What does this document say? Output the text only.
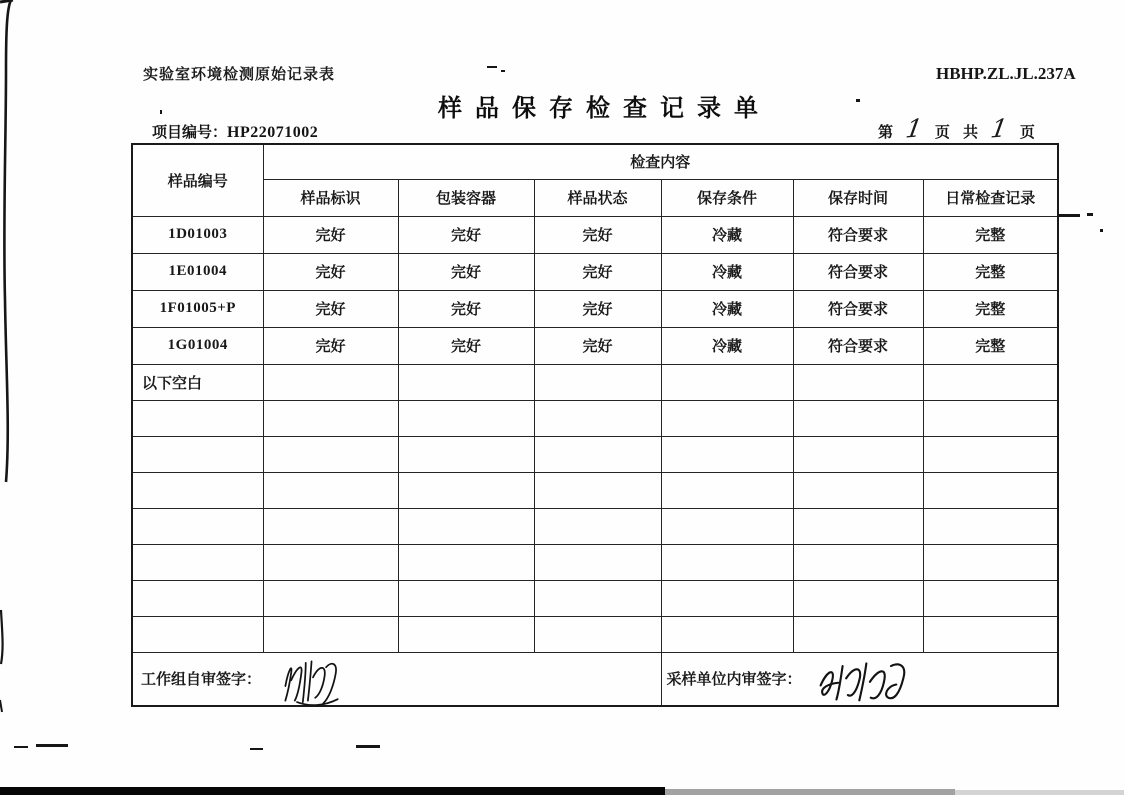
实验室环境检测原始记录表	HBHP.ZL.JL.237A
样品保存检查记录单
项目编号：HP22071002	第 1 页 共 1 页
样品编号	检查内容					
	样品标识	包装容器	样品状态	保存条件	保存时间	日常检查记录
1D01003	完好	完好	完好	冷藏	符合要求	完整
1E01004	完好	完好	完好	冷藏	符合要求	完整
1F01005+P	完好	完好	完好	冷藏	符合要求	完整
1G01004	完好	完好	完好	冷藏	符合要求	完整
以下空白						

工作组自审签字：				采样单位内审签字：		
